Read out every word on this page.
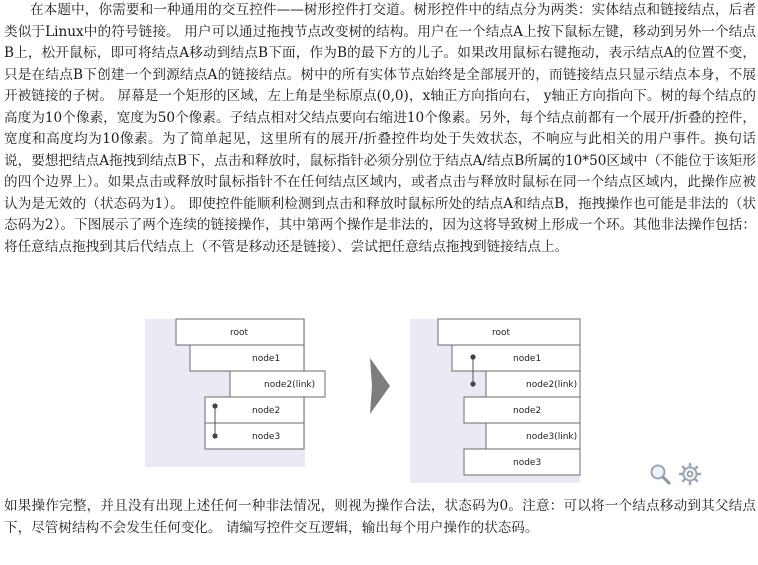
在本题中，你需要和一种通用的交互控件——树形控件打交道。树形控件中的结点分为两类：实体结点和链接结点，后者类似于Linux中的符号链接。 用户可以通过拖拽节点改变树的结构。用户在一个结点A上按下鼠标左键，移动到另外一个结点B上，松开鼠标，即可将结点A移动到结点B下面，作为B的最下方的儿子。如果改用鼠标右键拖动，表示结点A的位置不变，只是在结点B下创建一个到源结点A的链接结点。树中的所有实体节点始终是全部展开的，而链接结点只显示结点本身，不展开被链接的子树。 屏幕是一个矩形的区域，左上角是坐标原点(0,0)，x轴正方向指向右， y轴正方向指向下。树的每个结点的高度为10个像素，宽度为50个像素。子结点相对父结点要向右缩进10个像素。另外，每个结点前都有一个展开/折叠的控件，宽度和高度均为10像素。为了简单起见，这里所有的展开/折叠控件均处于失效状态，不响应与此相关的用户事件。换句话说，要想把结点A拖拽到结点B下，点击和释放时，鼠标指针必须分别位于结点A/结点B所属的10*50区域中（不能位于该矩形的四个边界上）。如果点击或释放时鼠标指针不在任何结点区域内，或者点击与释放时鼠标在同一个结点区域内，此操作应被认为是无效的（状态码为1）。 即使控件能顺利检测到点击和释放时鼠标所处的结点A和结点B，拖拽操作也可能是非法的（状态码为2）。下图展示了两个连续的链接操作，其中第两个操作是非法的，因为这将导致树上形成一个环。其他非法操作包括：将任意结点拖拽到其后代结点上（不管是移动还是链接）、尝试把任意结点拖拽到链接结点上。

root
node1
node2(link)
node2
node3
root
node1
node2(link)
node2
node3(link)
node3

如果操作完整，并且没有出现上述任何一种非法情况，则视为操作合法，状态码为0。注意：可以将一个结点移动到其父结点下，尽管树结构不会发生任何变化。 请编写控件交互逻辑，输出每个用户操作的状态码。
